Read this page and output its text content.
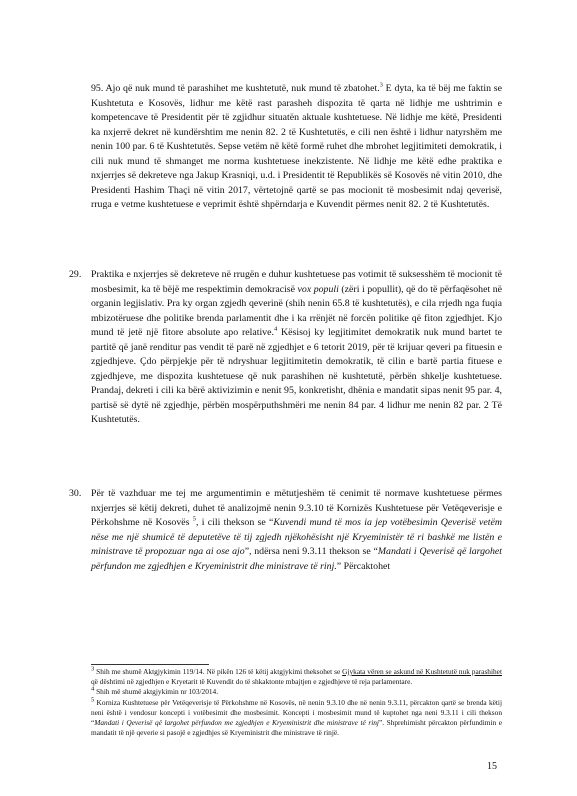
95. Ajo që nuk mund të parashihet me kushtetutë, nuk mund të zbatohet.$^3$ E dyta, ka të bëj me faktin se Kushtetuta e Kosovës, lidhur me këtë rast parasheh dispozita të qarta në lidhje me ushtrimin e kompetencave të Presidentit për të zgjidhur situatën aktuale kushtetuese. Në lidhje me këtë, Presidenti ka nxjerrë dekret në kundërshtim me nenin 82. 2 të Kushtetutës, e cili nen është i lidhur natyrshëm me nenin 100 par. 6 të Kushtetutës. Sepse vetëm në këtë formë ruhet dhe mbrohet legjitimiteti demokratik, i cili nuk mund të shmanget me norma kushtetuese inekzistente. Në lidhje me këtë edhe praktika e nxjerrjes së dekreteve nga Jakup Krasniqi, u.d. i Presidentit të Republikës së Kosovës në vitin 2010, dhe Presidenti Hashim Thaçi në vitin 2017, vërtetojnë qartë se pas mocionit të mosbesimit ndaj qeverisë, rruga e vetme kushtetuese e veprimit është shpërndarja e Kuvendit përmes nenit 82. 2 të Kushtetutës.

29. Praktika e nxjerrjes së dekreteve në rrugën e duhur kushtetuese pas votimit të suksesshëm të mocionit të mosbesimit, ka të bëjë me respektimin demokracisë vox populi (zëri i popullit), që do të përfaqësohet në organin legjislativ. Pra ky organ zgjedh qeverinë (shih nenin 65.8 të kushtetutës), e cila rrjedh nga fuqia mbizotëruese dhe politike brenda parlamentit dhe i ka rrënjët në forcën politike që fiton zgjedhjet. Kjo mund të jetë një fitore absolute apo relative.$^4$ Kësisoj ky legjitimitet demokratik nuk mund bartet te partitë që janë renditur pas vendit të parë në zgjedhjet e 6 tetorit 2019, për të krijuar qeveri pa fituesin e zgjedhjeve. Çdo përpjekje për të ndryshuar legjitimitetin demokratik, të cilin e bartë partia fituese e zgjedhjeve, me dispozita kushtetuese që nuk parashihen në kushtetutë, përbën shkelje kushtetuese. Prandaj, dekreti i cili ka bërë aktivizimin e nenit 95, konkretisht, dhënia e mandatit sipas nenit 95 par. 4, partisë së dytë në zgjedhje, përbën mospërputhshmëri me nenin 84 par. 4 lidhur me nenin 82 par. 2 Të Kushtetutës.
30. Për të vazhduar me tej me argumentimin e mëtutjeshëm të cenimit të normave kushtetuese përmes nxjerrjes së këtij dekreti, duhet të analizojmë nenin 9.3.10 të Kornizës Kushtetuese për Vetëqeverisje e Përkohshme në Kosovës $^5$, i cili thekson se “Kuvendi mund të mos ia jep votëbesimin Qeverisë vetëm nëse me një shumicë të deputetëve të tij zgjedh njëkohësisht një Kryeministër të ri bashkë me listën e ministrave të propozuar nga ai ose ajo”, ndërsa neni 9.3.11 thekson se “Mandati i Qeverisë që largohet përfundon me zgjedhjen e Kryeministrit dhe ministrave të rinj.” Përcaktohet

$^3$ Shih me shumë Aktgjykimin 119/14. Në pikën 126 të këtij aktgjykimi theksohet se Gjykata vëren se askund në Kushtetutë nuk parashihet që dështimi në zgjedhjen e Kryetarit të Kuvendit do të shkaktonte mbajtjen e zgjedhjeve të reja parlamentare.

$^4$ Shih më shumë aktgjykimin nr 103/2014.

$^5$ Korniza Kushtetuese për Vetëqeverisje të Përkohshme në Kosovës, në nenin 9.3.10 dhe në nenin 9.3.11, përcakton qartë se brenda këtij neni është i vendosur koncepti i votëbesimit dhe mosbesimit. Koncepti i mosbesimit mund të kuptohet nga neni 9.3.11 i cili thekson “Mandati i Qeverisë që largohet përfundon me zgjedhjen e Kryeministrit dhe ministrave të rinj”. Shprehimisht përcakton përfundimin e mandatit të një qeverie si pasojë e zgjedhjes së Kryeministrit dhe ministrave të rinjë.

15
